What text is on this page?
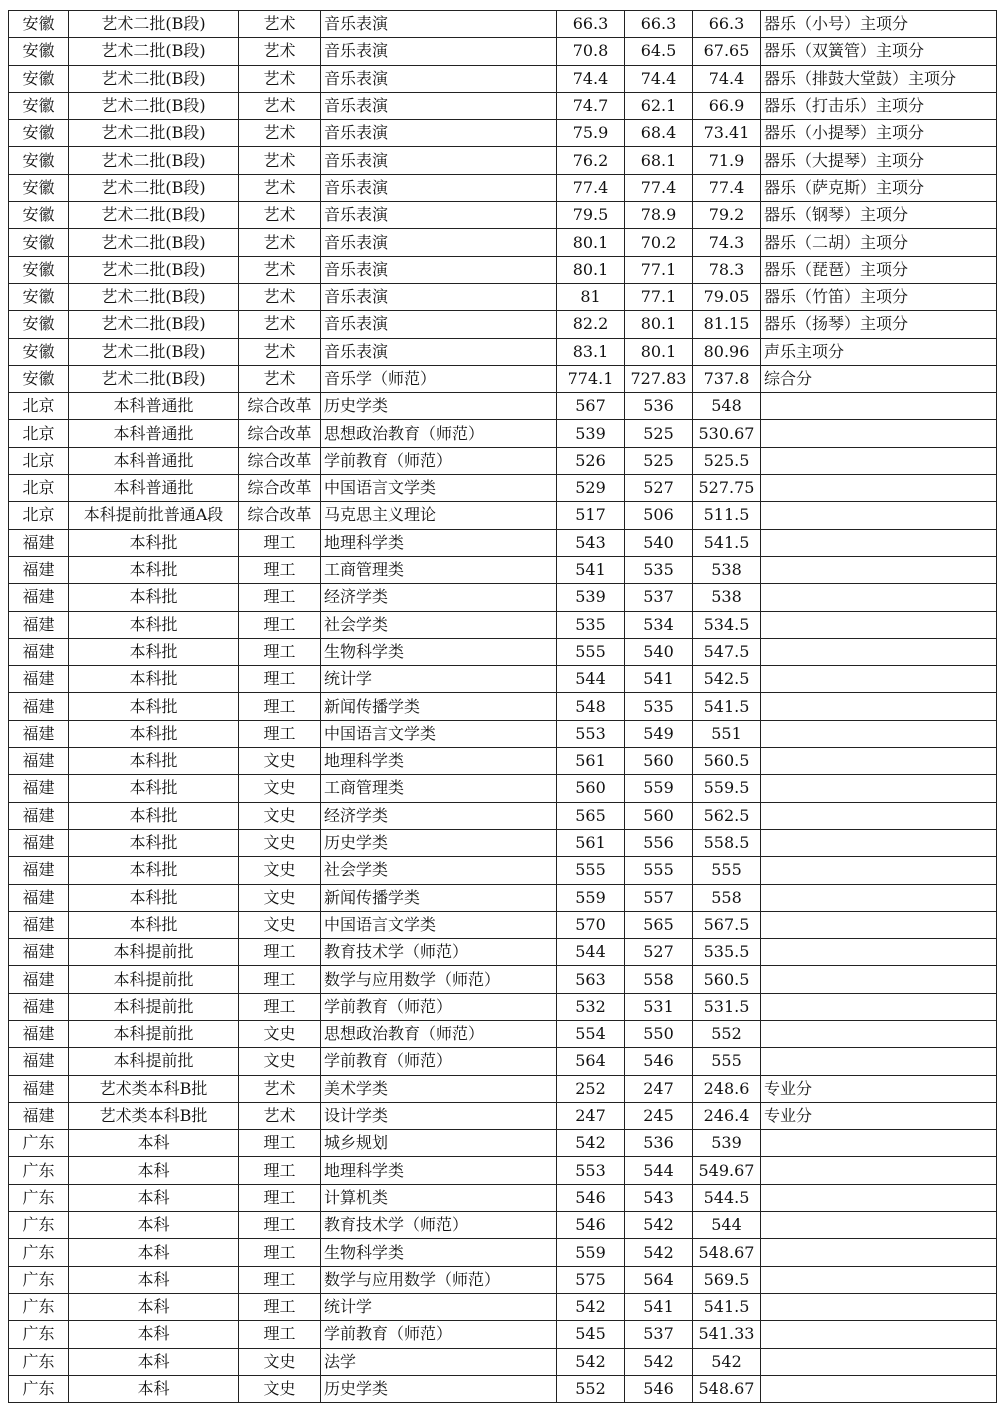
安徽	艺术二批(B段)	艺术	音乐表演	66.3	66.3	66.3	器乐（小号）主项分
安徽	艺术二批(B段)	艺术	音乐表演	70.8	64.5	67.65	器乐（双簧管）主项分
安徽	艺术二批(B段)	艺术	音乐表演	74.4	74.4	74.4	器乐（排鼓大堂鼓）主项分
安徽	艺术二批(B段)	艺术	音乐表演	74.7	62.1	66.9	器乐（打击乐）主项分
安徽	艺术二批(B段)	艺术	音乐表演	75.9	68.4	73.41	器乐（小提琴）主项分
安徽	艺术二批(B段)	艺术	音乐表演	76.2	68.1	71.9	器乐（大提琴）主项分
安徽	艺术二批(B段)	艺术	音乐表演	77.4	77.4	77.4	器乐（萨克斯）主项分
安徽	艺术二批(B段)	艺术	音乐表演	79.5	78.9	79.2	器乐（钢琴）主项分
安徽	艺术二批(B段)	艺术	音乐表演	80.1	70.2	74.3	器乐（二胡）主项分
安徽	艺术二批(B段)	艺术	音乐表演	80.1	77.1	78.3	器乐（琵琶）主项分
安徽	艺术二批(B段)	艺术	音乐表演	81	77.1	79.05	器乐（竹笛）主项分
安徽	艺术二批(B段)	艺术	音乐表演	82.2	80.1	81.15	器乐（扬琴）主项分
安徽	艺术二批(B段)	艺术	音乐表演	83.1	80.1	80.96	声乐主项分
安徽	艺术二批(B段)	艺术	音乐学（师范）	774.1	727.83	737.8	综合分
北京	本科普通批	综合改革	历史学类	567	536	548	
北京	本科普通批	综合改革	思想政治教育（师范）	539	525	530.67	
北京	本科普通批	综合改革	学前教育（师范）	526	525	525.5	
北京	本科普通批	综合改革	中国语言文学类	529	527	527.75	
北京	本科提前批普通A段	综合改革	马克思主义理论	517	506	511.5	
福建	本科批	理工	地理科学类	543	540	541.5	
福建	本科批	理工	工商管理类	541	535	538	
福建	本科批	理工	经济学类	539	537	538	
福建	本科批	理工	社会学类	535	534	534.5	
福建	本科批	理工	生物科学类	555	540	547.5	
福建	本科批	理工	统计学	544	541	542.5	
福建	本科批	理工	新闻传播学类	548	535	541.5	
福建	本科批	理工	中国语言文学类	553	549	551	
福建	本科批	文史	地理科学类	561	560	560.5	
福建	本科批	文史	工商管理类	560	559	559.5	
福建	本科批	文史	经济学类	565	560	562.5	
福建	本科批	文史	历史学类	561	556	558.5	
福建	本科批	文史	社会学类	555	555	555	
福建	本科批	文史	新闻传播学类	559	557	558	
福建	本科批	文史	中国语言文学类	570	565	567.5	
福建	本科提前批	理工	教育技术学（师范）	544	527	535.5	
福建	本科提前批	理工	数学与应用数学（师范）	563	558	560.5	
福建	本科提前批	理工	学前教育（师范）	532	531	531.5	
福建	本科提前批	文史	思想政治教育（师范）	554	550	552	
福建	本科提前批	文史	学前教育（师范）	564	546	555	
福建	艺术类本科B批	艺术	美术学类	252	247	248.6	专业分
福建	艺术类本科B批	艺术	设计学类	247	245	246.4	专业分
广东	本科	理工	城乡规划	542	536	539	
广东	本科	理工	地理科学类	553	544	549.67	
广东	本科	理工	计算机类	546	543	544.5	
广东	本科	理工	教育技术学（师范）	546	542	544	
广东	本科	理工	生物科学类	559	542	548.67	
广东	本科	理工	数学与应用数学（师范）	575	564	569.5	
广东	本科	理工	统计学	542	541	541.5	
广东	本科	理工	学前教育（师范）	545	537	541.33	
广东	本科	文史	法学	542	542	542	
广东	本科	文史	历史学类	552	546	548.67	
